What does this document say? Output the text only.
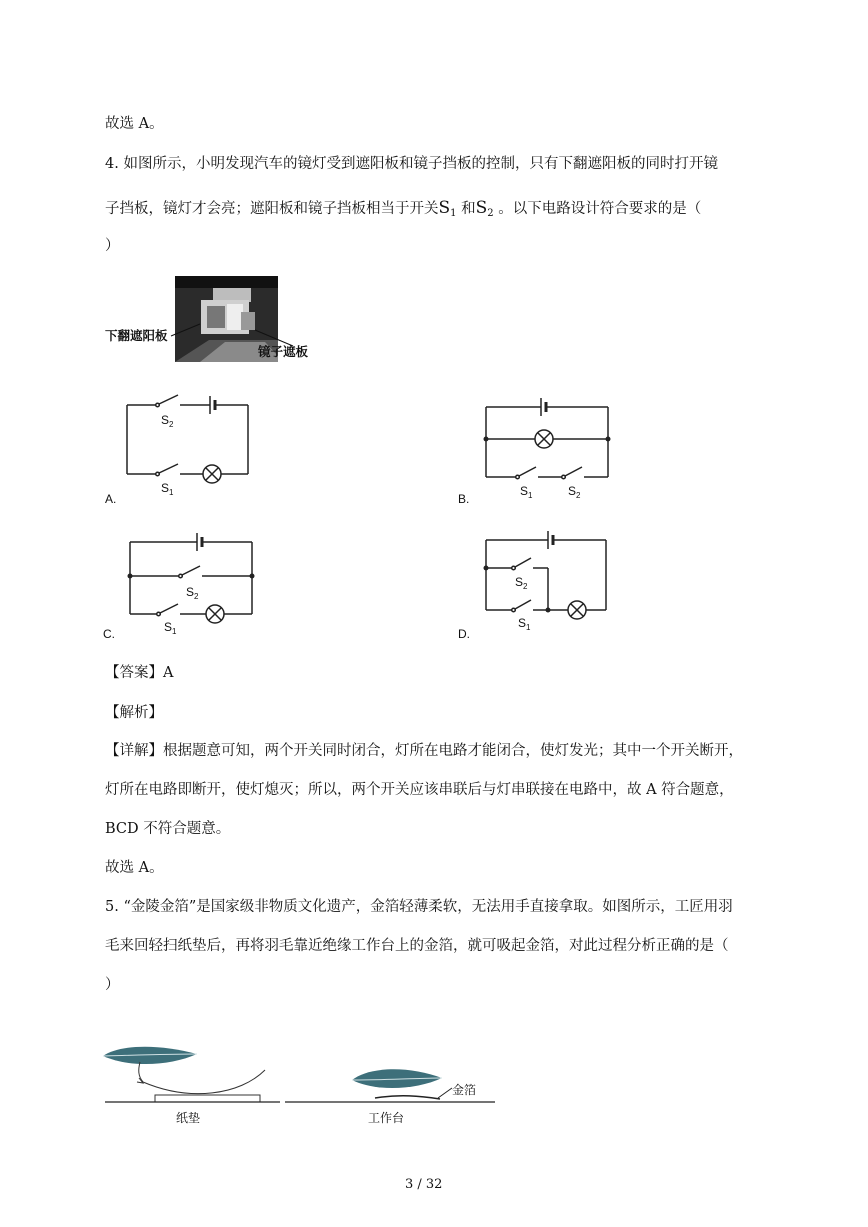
故选 A。
4. 如图所示，小明发现汽车的镜灯受到遮阳板和镜子挡板的控制，只有下翻遮阳板的同时打开镜
子挡板，镜灯才会亮；遮阳板和镜子挡板相当于开关$S_1$ 和$S_2$ 。以下电路设计符合要求的是（
）
下翻遮阳板
镜子遮板
S 2
S 1
A.
S 1	S 2
B.
S 2
S 1
C.
S 2
S 1
D.
【答案】A
【解析】
【详解】根据题意可知，两个开关同时闭合，灯所在电路才能闭合，使灯发光；其中一个开关断开，
灯所在电路即断开，使灯熄灭；所以，两个开关应该串联后与灯串联接在电路中，故 A 符合题意，
BCD 不符合题意。
故选 A。
5. “金陵金箔”是国家级非物质文化遗产，金箔轻薄柔软，无法用手直接拿取。如图所示，工匠用羽
毛来回轻扫纸垫后，再将羽毛靠近绝缘工作台上的金箔，就可吸起金箔，对此过程分析正确的是（
）
纸垫
金箔
工作台
3 / 32
